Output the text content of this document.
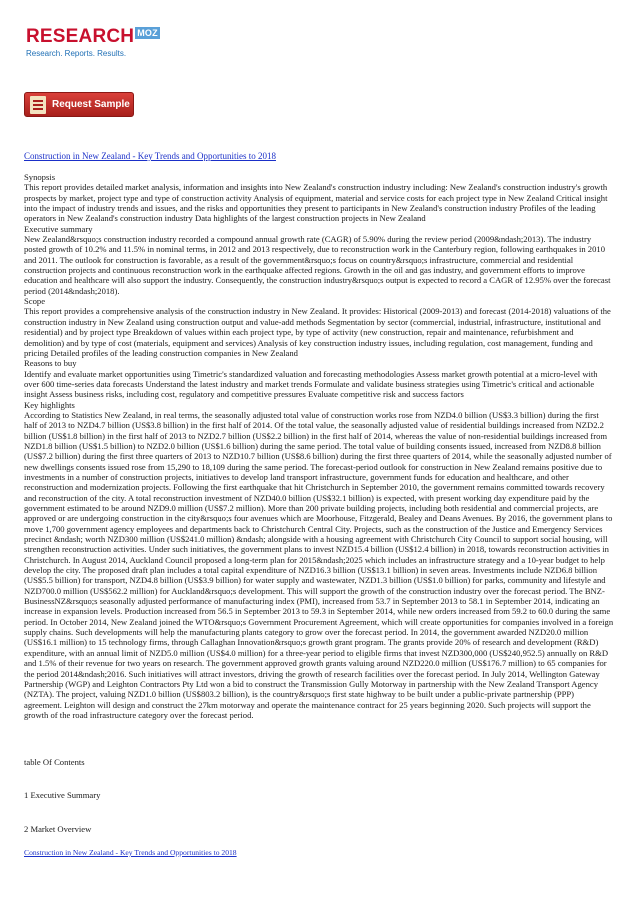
RESEARCH MOZ
Research. Reports. Results.
Request Sample
Construction in New Zealand - Key Trends and Opportunities to 2018

Synopsis

This report provides detailed market analysis, information and insights into New Zealand's construction industry including: New Zealand's construction industry's growth prospects by market, project type and type of construction activity Analysis of equipment, material and service costs for each project type in New Zealand Critical insight into the impact of industry trends and issues, and the risks and opportunities they present to participants in New Zealand's construction industry Profiles of the leading operators in New Zealand's construction industry Data highlights of the largest construction projects in New Zealand

Executive summary

New Zealand&rsquo;s construction industry recorded a compound annual growth rate (CAGR) of 5.90% during the review period (2009&ndash;2013). The industry posted growth of 10.2% and 11.5% in nominal terms, in 2012 and 2013 respectively, due to reconstruction work in the Canterbury region, following earthquakes in 2010 and 2011. The outlook for construction is favorable, as a result of the government&rsquo;s focus on country&rsquo;s infrastructure, commercial and residential construction projects and continuous reconstruction work in the earthquake affected regions. Growth in the oil and gas industry, and government efforts to improve education and healthcare will also support the industry. Consequently, the construction industry&rsquo;s output is expected to record a CAGR of 12.95% over the forecast period (2014&ndash;2018).

Scope

This report provides a comprehensive analysis of the construction industry in New Zealand. It provides: Historical (2009-2013) and forecast (2014-2018) valuations of the construction industry in New Zealand using construction output and value-add methods Segmentation by sector (commercial, industrial, infrastructure, institutional and residential) and by project type Breakdown of values within each project type, by type of activity (new construction, repair and maintenance, refurbishment and demolition) and by type of cost (materials, equipment and services) Analysis of key construction industry issues, including regulation, cost management, funding and pricing Detailed profiles of the leading construction companies in New Zealand

Reasons to buy

Identify and evaluate market opportunities using Timetric's standardized valuation and forecasting methodologies Assess market growth potential at a micro-level with over 600 time-series data forecasts Understand the latest industry and market trends Formulate and validate business strategies using Timetric's critical and actionable insight Assess business risks, including cost, regulatory and competitive pressures Evaluate competitive risk and success factors

Key highlights

According to Statistics New Zealand, in real terms, the seasonally adjusted total value of construction works rose from NZD4.0 billion (US$3.3 billion) during the first half of 2013 to NZD4.7 billion (US$3.8 billion) in the first half of 2014. Of the total value, the seasonally adjusted value of residential buildings increased from NZD2.2 billion (US$1.8 billion) in the first half of 2013 to NZD2.7 billion (US$2.2 billion) in the first half of 2014, whereas the value of non-residential buildings increased from NZD1.8 billion (US$1.5 billion) to NZD2.0 billion (US$1.6 billion) during the same period. The total value of building consents issued, increased from NZD8.8 billion (US$7.2 billion) during the first three quarters of 2013 to NZD10.7 billion (US$8.6 billion) during the first three quarters of 2014, while the seasonally adjusted number of new dwellings consents issued rose from 15,290 to 18,109 during the same period. The forecast-period outlook for construction in New Zealand remains positive due to investments in a number of construction projects, initiatives to develop land transport infrastructure, government funds for education and healthcare, and other reconstruction and modernization projects. Following the first earthquake that hit Christchurch in September 2010, the government remains committed towards recovery and reconstruction of the city. A total reconstruction investment of NZD40.0 billion (US$32.1 billion) is expected, with present working day expenditure paid by the government estimated to be around NZD9.0 million (US$7.2 million). More than 200 private building projects, including both residential and commercial projects, are approved or are undergoing construction in the city&rsquo;s four avenues which are Moorhouse, Fitzgerald, Bealey and Deans Avenues. By 2016, the government plans to move 1,700 government agency employees and departments back to Christchurch Central City. Projects, such as the construction of the Justice and Emergency Services precinct &ndash; worth NZD300 million (US$241.0 million) &ndash; alongside with a housing agreement with Christchurch City Council to support social housing, will strengthen reconstruction activities. Under such initiatives, the government plans to invest NZD15.4 billion (US$12.4 billion) in 2018, towards reconstruction activities in Christchurch. In August 2014, Auckland Council proposed a long-term plan for 2015&ndash;2025 which includes an infrastructure strategy and a 10-year budget to help develop the city. The proposed draft plan includes a total capital expenditure of NZD16.3 billion (US$13.1 billion) in seven areas. Investments include NZD6.8 billion (US$5.5 billion) for transport, NZD4.8 billion (US$3.9 billion) for water supply and wastewater, NZD1.3 billion (US$1.0 billion) for parks, community and lifestyle and NZD700.0 million (US$562.2 million) for Auckland&rsquo;s development. This will support the growth of the construction industry over the forecast period. The BNZ-BusinessNZ&rsquo;s seasonally adjusted performance of manufacturing index (PMI), increased from 53.7 in September 2013 to 58.1 in September 2014, indicating an increase in expansion levels. Production increased from 56.5 in September 2013 to 59.3 in September 2014, while new orders increased from 59.2 to 60.0 during the same period. In October 2014, New Zealand joined the WTO&rsquo;s Government Procurement Agreement, which will create opportunities for companies involved in a foreign supply chains. Such developments will help the manufacturing plants category to grow over the forecast period. In 2014, the government awarded NZD20.0 million (US$16.1 million) to 15 technology firms, through Callaghan Innovation&rsquo;s growth grant program. The grants provide 20% of research and development (R&D) expenditure, with an annual limit of NZD5.0 million (US$4.0 million) for a three-year period to eligible firms that invest NZD300,000 (US$240,952.5) annually on R&D and 1.5% of their revenue for two years on research. The government approved growth grants valuing around NZD220.0 million (US$176.7 million) to 65 companies for the period 2014&ndash;2016. Such initiatives will attract investors, driving the growth of research facilities over the forecast period. In July 2014, Wellington Gateway Partnership (WGP) and Leighton Contractors Pty Ltd won a bid to construct the Transmission Gully Motorway in partnership with the New Zealand Transport Agency (NZTA). The project, valuing NZD1.0 billion (US$803.2 billion), is the country&rsquo;s first state highway to be built under a public-private partnership (PPP) agreement. Leighton will design and construct the 27km motorway and operate the maintenance contract for 25 years beginning 2020. Such projects will support the growth of the road infrastructure category over the forecast period.

table Of Contents
1 Executive Summary
2 Market Overview
Construction in New Zealand - Key Trends and Opportunities to 2018
